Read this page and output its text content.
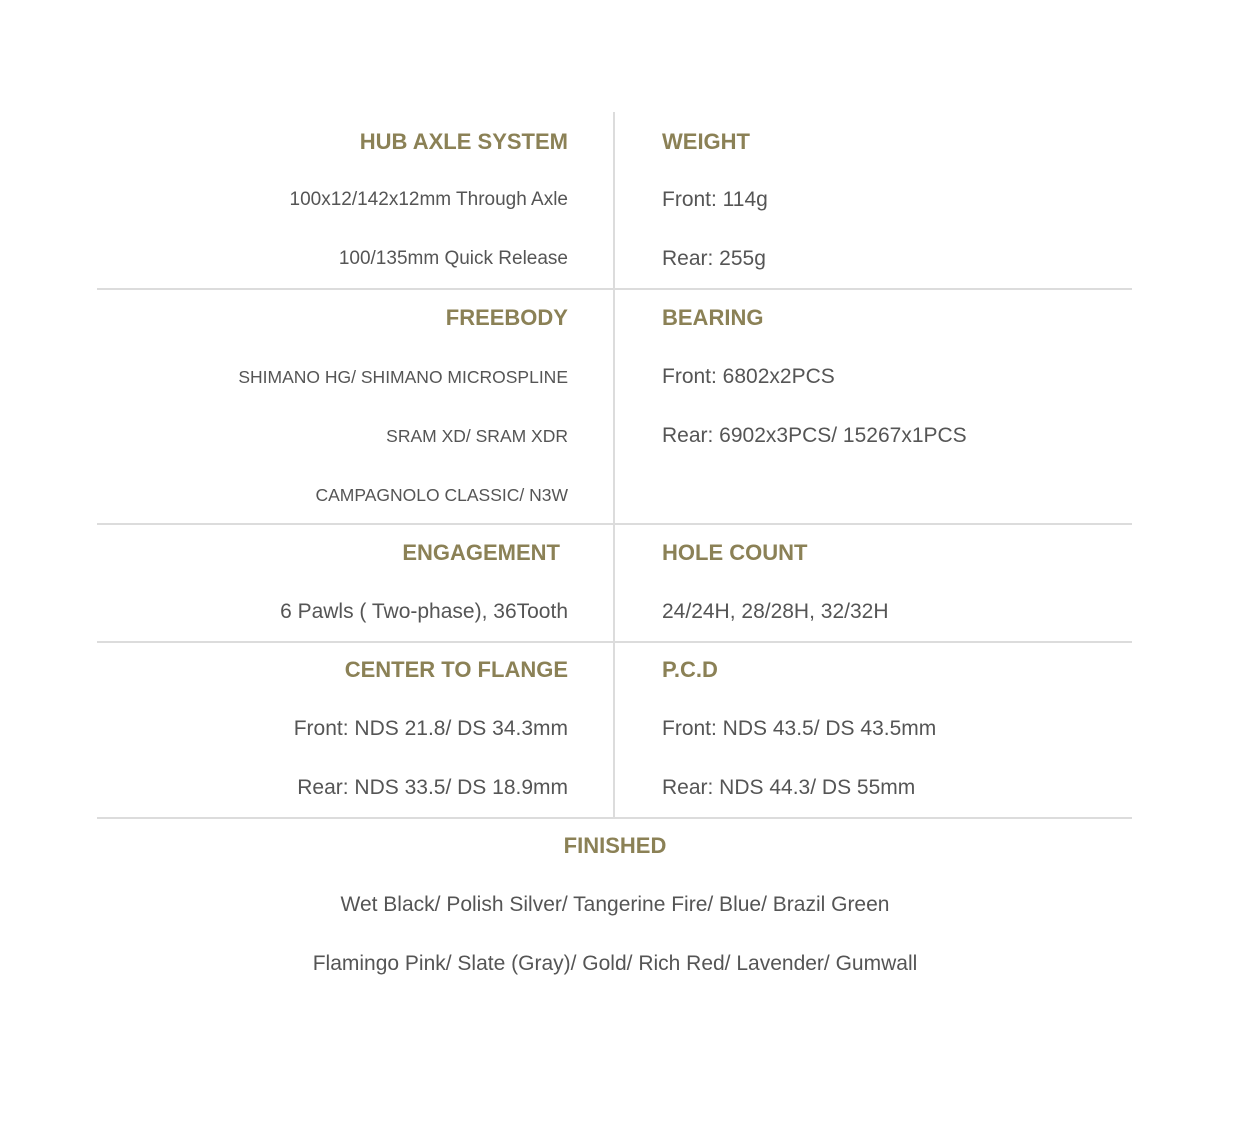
HUB AXLE SYSTEM
100x12/142x12mm Through Axle
100/135mm Quick Release
WEIGHT
Front: 114g
Rear: 255g
FREEBODY
SHIMANO HG/ SHIMANO MICROSPLINE
SRAM XD/ SRAM XDR
CAMPAGNOLO CLASSIC/ N3W
BEARING
Front: 6802x2PCS
Rear: 6902x3PCS/ 15267x1PCS
ENGAGEMENT
6 Pawls ( Two-phase), 36Tooth
HOLE COUNT
24/24H, 28/28H, 32/32H
CENTER TO FLANGE
Front: NDS 21.8/ DS 34.3mm
Rear: NDS 33.5/ DS 18.9mm
P.C.D
Front: NDS 43.5/ DS 43.5mm
Rear: NDS 44.3/ DS 55mm
FINISHED
Wet Black/ Polish Silver/ Tangerine Fire/ Blue/ Brazil Green
Flamingo Pink/ Slate (Gray)/ Gold/ Rich Red/ Lavender/ Gumwall
